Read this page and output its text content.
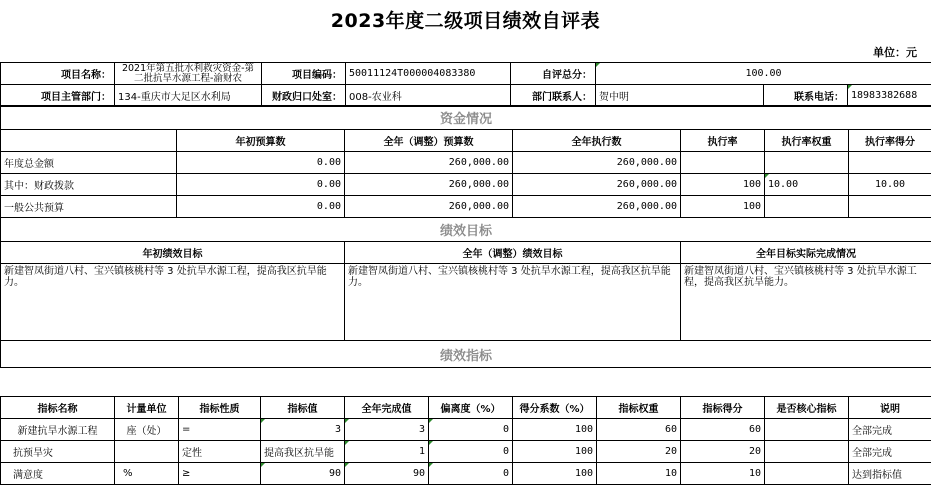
2023年度二级项目绩效自评表
单位：元
项目名称：	2021年第五批水利救灾资金-第二批抗旱水源工程-渝财农	项目编码：	50011124T000004083380	自评总分：	100.00		
项目主管部门：	134-重庆市大足区水利局	财政归口处室：	008-农业科	部门联系人：	贺中明	联系电话：	18983382688
资金情况						
	年初预算数	全年（调整）预算数	全年执行数	执行率	执行率权重	执行率得分
年度总金额	0.00	260,000.00	260,000.00			
其中：财政拨款	0.00	260,000.00	260,000.00	100	10.00	10.00
一般公共预算	0.00	260,000.00	260,000.00	100		
绩效目标						
年初绩效目标		全年（调整）绩效目标		全年目标实际完成情况		
新建智凤街道八村、宝兴镇核桃村等 3 处抗旱水源工程，提高我区抗旱能力。		新建智凤街道八村、宝兴镇核桃村等 3 处抗旱水源工程，提高我区抗旱能力。		新建智凤街道八村、宝兴镇核桃村等 3 处抗旱水源工程，提高我区抗旱能力。		
绩效指标						
指标名称	计量单位	指标性质	指标值	全年完成值	偏离度（%）	得分系数（%）	指标权重	指标得分	是否核心指标	说明
新建抗旱水源工程	座（处）	=	3	3	0	100	60	60		全部完成
抗预旱灾		定性	提高我区抗旱能	1	0	100	20	20		全部完成
满意度	%	≥	90	90	0	100	10	10		达到指标值
